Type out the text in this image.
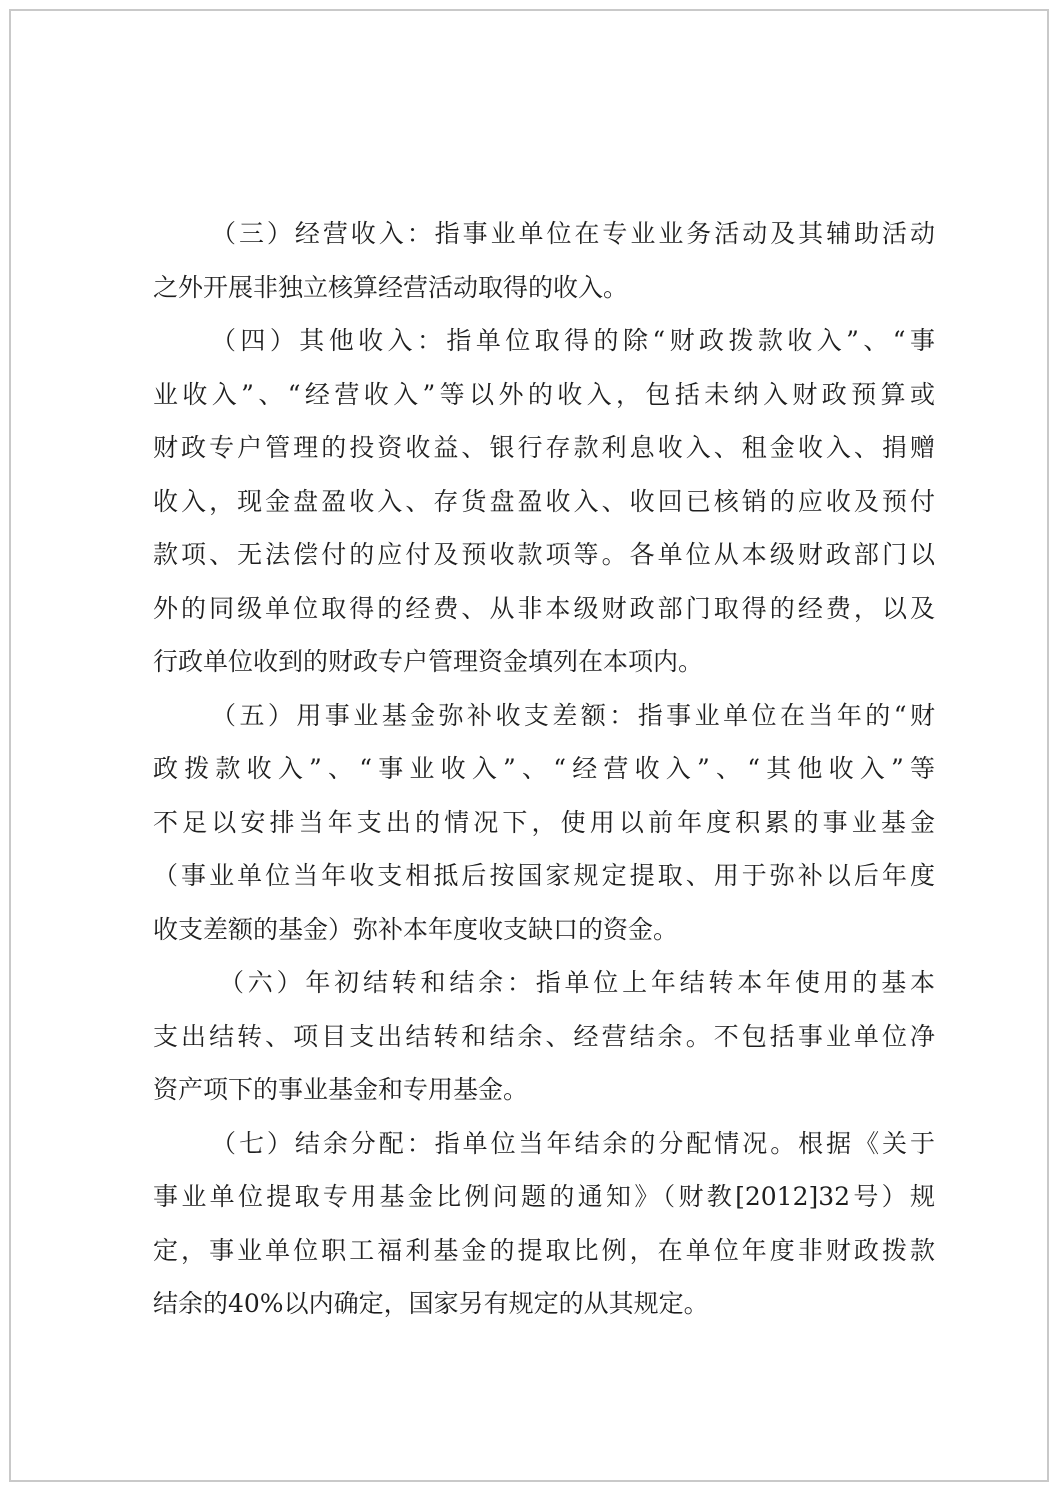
（三）经营收入：指事业单位在专业业务活动及其辅助活动
之外开展非独立核算经营活动取得的收入。
（四）其他收入：指单位取得的除“财政拨款收入”、“事
业收入”、“经营收入”等以外的收入，包括未纳入财政预算或
财政专户管理的投资收益、银行存款利息收入、租金收入、捐赠
收入，现金盘盈收入、存货盘盈收入、收回已核销的应收及预付
款项、无法偿付的应付及预收款项等。各单位从本级财政部门以
外的同级单位取得的经费、从非本级财政部门取得的经费，以及
行政单位收到的财政专户管理资金填列在本项内。
（五）用事业基金弥补收支差额：指事业单位在当年的“财
政拨款收入”、“事业收入”、“经营收入”、“其他收入”等
不足以安排当年支出的情况下，使用以前年度积累的事业基金
（事业单位当年收支相抵后按国家规定提取、用于弥补以后年度
收支差额的基金）弥补本年度收支缺口的资金。
（六）年初结转和结余：指单位上年结转本年使用的基本
支出结转、项目支出结转和结余、经营结余。不包括事业单位净
资产项下的事业基金和专用基金。
（七）结余分配：指单位当年结余的分配情况。根据《关于
事业单位提取专用基金比例问题的通知》（财教[2012]32号）规
定，事业单位职工福利基金的提取比例，在单位年度非财政拨款
结余的40%以内确定，国家另有规定的从其规定。
